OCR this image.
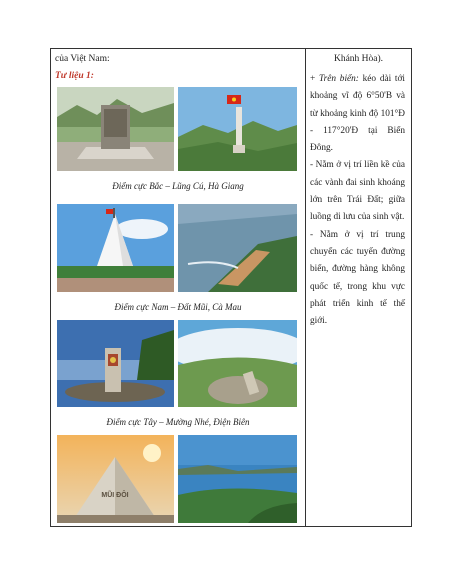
của Việt Nam:
Tư liệu 1:
Điểm cực Bắc – Lũng Cú, Hà Giang
Điểm cực Nam – Đất Mũi, Cà Mau
Điểm cực Tây – Mường Nhé, Điện Biên
MŨI ĐÔI
Khánh Hòa).

+ Trên biển: kéo dài tới khoảng vĩ độ 6°50'B và từ khoảng kinh độ 101°Đ - 117°20'Đ tại Biển Đông.

- Nằm ở vị trí liền kề của các vành đai sinh khoáng lớn trên Trái Đất; giữa luồng di lưu của sinh vật.

- Nằm ở vị trí trung chuyển các tuyến đường biển, đường hàng không quốc tế, trong khu vực phát triển kinh tế thế giới.
